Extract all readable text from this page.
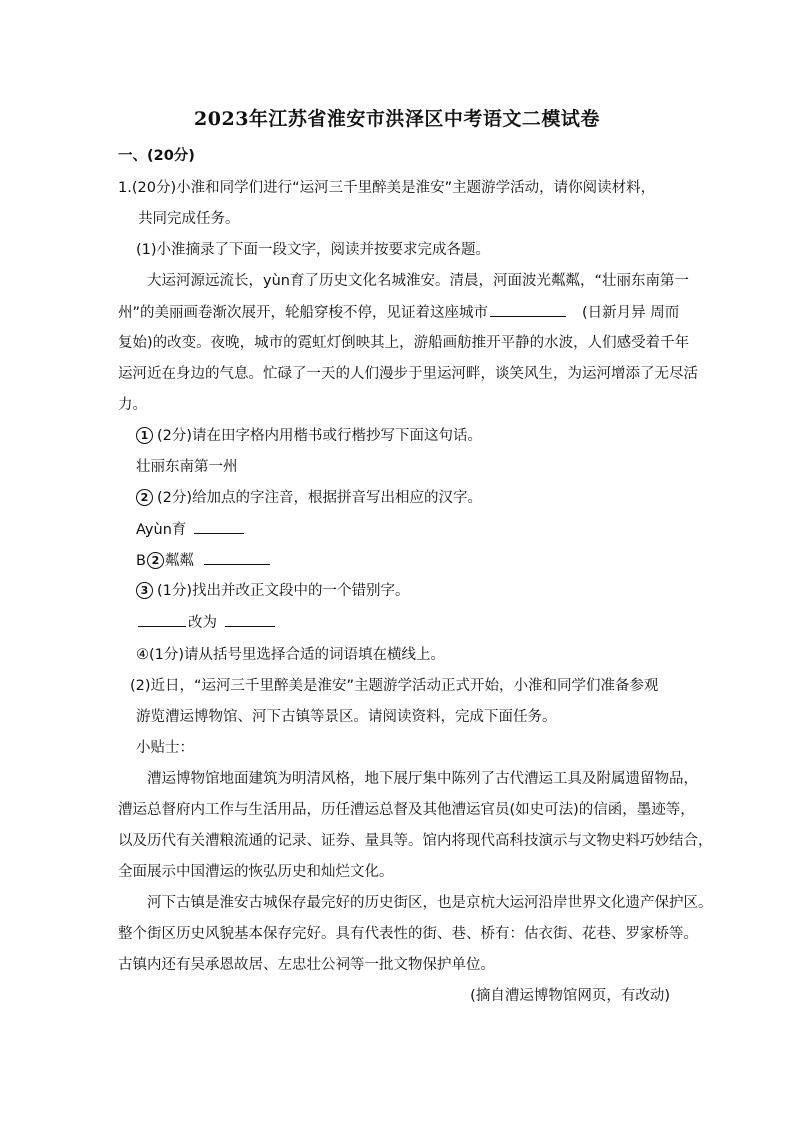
2023年江苏省淮安市洪泽区中考语文二模试卷
一、(20分)
1.(20分)小淮和同学们进行“运河三千里醉美是淮安”主题游学活动，请你阅读材料，
共同完成任务。
(1)小淮摘录了下面一段文字，阅读并按要求完成各题。
大运河源远流长，yùn育了历史文化名城淮安。清晨，河面波光粼粼，“壮丽东南第一
州”的美丽画卷渐次展开，轮船穿梭不停，见证着这座城市	(日新月异 周而
复始)的改变。夜晚，城市的霓虹灯倒映其上，游船画舫推开平静的水波，人们感受着千年
运河近在身边的气息。忙碌了一天的人们漫步于里运河畔，谈笑风生，为运河增添了无尽活
力。
1 (2分)请在田字格内用楷书或行楷抄写下面这句话。
壮丽东南第一州
2 (2分)给加点的字注音，根据拼音写出相应的汉字。
Ayùn育
B 2 粼粼
3 (1分)找出并改正文段中的一个错别字。
改为
④(1分)请从括号里选择合适的词语填在横线上。
(2)近日，“运河三千里醉美是淮安”主题游学活动正式开始，小淮和同学们准备参观
游览漕运博物馆、河下古镇等景区。请阅读资料，完成下面任务。
小贴士：
漕运博物馆地面建筑为明清风格，地下展厅集中陈列了古代漕运工具及附属遗留物品，
漕运总督府内工作与生活用品，历任漕运总督及其他漕运官员(如史可法)的信函，墨迹等，
以及历代有关漕粮流通的记录、证券、量具等。馆内将现代高科技演示与文物史料巧妙结合，
全面展示中国漕运的恢弘历史和灿烂文化。
河下古镇是淮安古城保存最完好的历史街区，也是京杭大运河沿岸世界文化遗产保护区。
整个街区历史风貌基本保存完好。具有代表性的街、巷、桥有：估衣街、花巷、罗家桥等。
古镇内还有吴承恩故居、左忠壮公祠等一批文物保护单位。
(摘自漕运博物馆网页，有改动)
